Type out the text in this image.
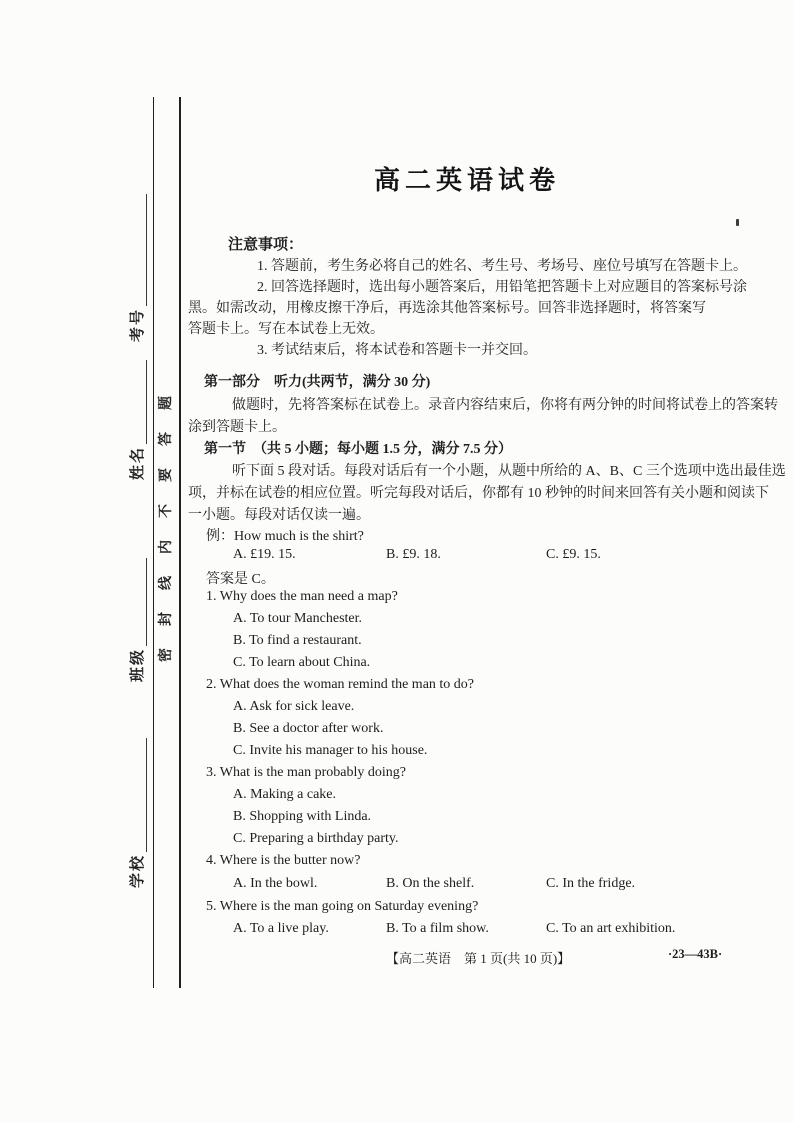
密封线内不要答题
考号
姓名
班级
学校
高二英语试卷
注意事项：
1. 答题前，考生务必将自己的姓名、考生号、考场号、座位号填写在答题卡上。
2. 回答选择题时，选出每小题答案后，用铅笔把答题卡上对应题目的答案标号涂
黑。如需改动，用橡皮擦干净后，再选涂其他答案标号。回答非选择题时，将答案写
答题卡上。写在本试卷上无效。
3. 考试结束后，将本试卷和答题卡一并交回。
第一部分　听力(共两节，满分 30 分)
做题时，先将答案标在试卷上。录音内容结束后，你将有两分钟的时间将试卷上的答案转
涂到答题卡上。
第一节　（共 5 小题；每小题 1.5 分，满分 7.5 分）
听下面 5 段对话。每段对话后有一个小题，从题中所给的 A、B、C 三个选项中选出最佳选
项，并标在试卷的相应位置。听完每段对话后，你都有 10 秒钟的时间来回答有关小题和阅读下
一小题。每段对话仅读一遍。
例：How much is the shirt?
A. £19. 15.	B. £9. 18.	C. £9. 15.
答案是 C。
1. Why does the man need a map?
A. To tour Manchester.
B. To find a restaurant.
C. To learn about China.
2. What does the woman remind the man to do?
A. Ask for sick leave.
B. See a doctor after work.
C. Invite his manager to his house.
3. What is the man probably doing?
A. Making a cake.
B. Shopping with Linda.
C. Preparing a birthday party.
4. Where is the butter now?
A. In the bowl.	B. On the shelf.	C. In the fridge.
5. Where is the man going on Saturday evening?
A. To a live play.	B. To a film show.	C. To an art exhibition.
【高二英语　第 1 页(共 10 页)】	·23—43B·
